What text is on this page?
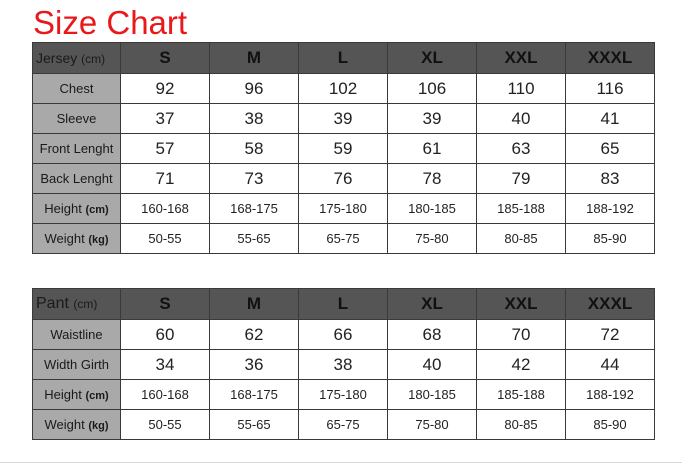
Size Chart
Jersey (cm)	S	M	L	XL	XXL	XXXL
Chest	92	96	102	106	110	116
Sleeve	37	38	39	39	40	41
Front Lenght	57	58	59	61	63	65
Back Lenght	71	73	76	78	79	83
Height (cm)	160-168	168-175	175-180	180-185	185-188	188-192
Weight (kg)	50-55	55-65	65-75	75-80	80-85	85-90
Pant (cm)	S	M	L	XL	XXL	XXXL
Waistline	60	62	66	68	70	72
Width Girth	34	36	38	40	42	44
Height (cm)	160-168	168-175	175-180	180-185	185-188	188-192
Weight (kg)	50-55	55-65	65-75	75-80	80-85	85-90
